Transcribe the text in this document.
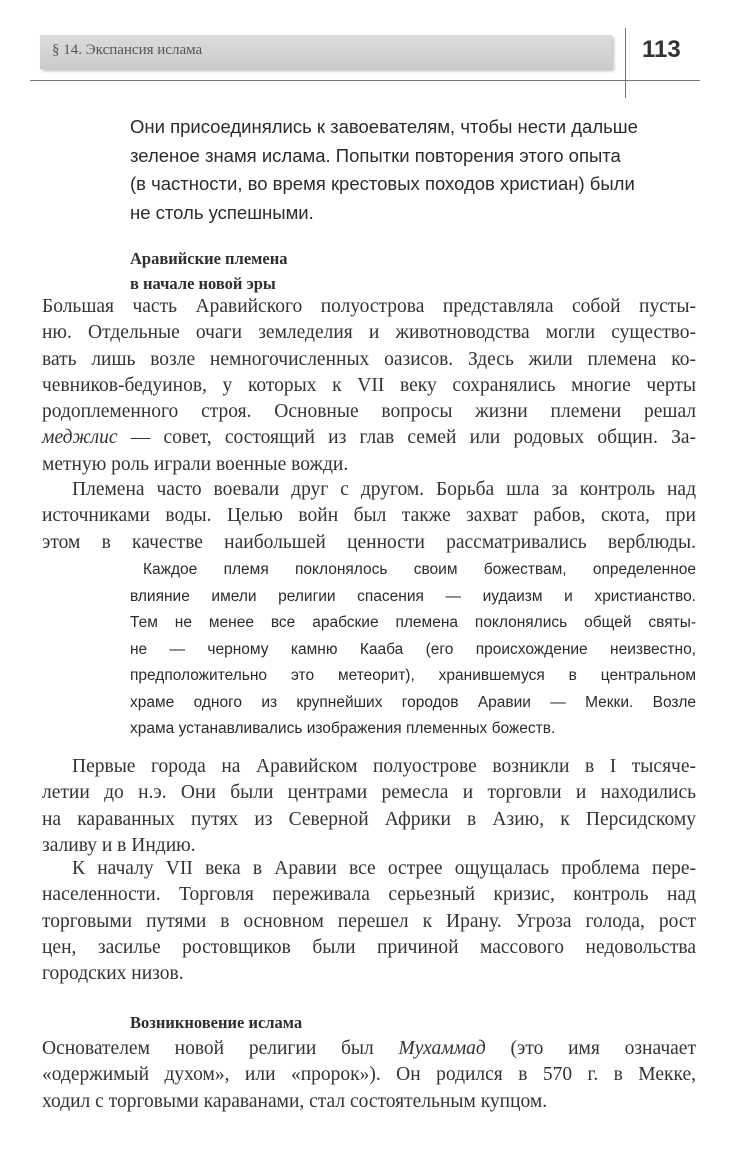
§ 14. Экспансия ислама	113
Они присоединялись к завоевателям, чтобы нести дальше
зеленое знамя ислама. Попытки повторения этого опыта
(в частности, во время крестовых походов христиан) были
не столь успешными.
Аравийские племена
в начале новой эры
Большая часть Аравийского полуострова представляла собой пусты-
ню. Отдельные очаги земледелия и животноводства могли существо-
вать лишь возле немногочисленных оазисов. Здесь жили племена ко-
чевников-бедуинов, у которых к VII веку сохранялись многие черты
родоплеменного строя. Основные вопросы жизни племени решал
меджлис — совет, состоящий из глав семей или родовых общин. За-
метную роль играли военные вожди.
Племена часто воевали друг с другом. Борьба шла за контроль над
источниками воды. Целью войн был также захват рабов, скота, при
этом в качестве наибольшей ценности рассматривались верблюды.
Каждое племя поклонялось своим божествам, определенное
влияние имели религии спасения — иудаизм и христианство.
Тем не менее все арабские племена поклонялись общей святы-
не — черному камню Кааба (его происхождение неизвестно,
предположительно это метеорит), хранившемуся в центральном
храме одного из крупнейших городов Аравии — Мекки. Возле
храма устанавливались изображения племенных божеств.
Первые города на Аравийском полуострове возникли в I тысяче-
летии до н.э. Они были центрами ремесла и торговли и находились
на караванных путях из Северной Африки в Азию, к Персидскому
заливу и в Индию.
К началу VII века в Аравии все острее ощущалась проблема пере-
населенности. Торговля переживала серьезный кризис, контроль над
торговыми путями в основном перешел к Ирану. Угроза голода, рост
цен, засилье ростовщиков были причиной массового недовольства
городских низов.
Возникновение ислама
Основателем новой религии был Мухаммад (это имя означает
«одержимый духом», или «пророк»). Он родился в 570 г. в Мекке,
ходил с торговыми караванами, стал состоятельным купцом.
